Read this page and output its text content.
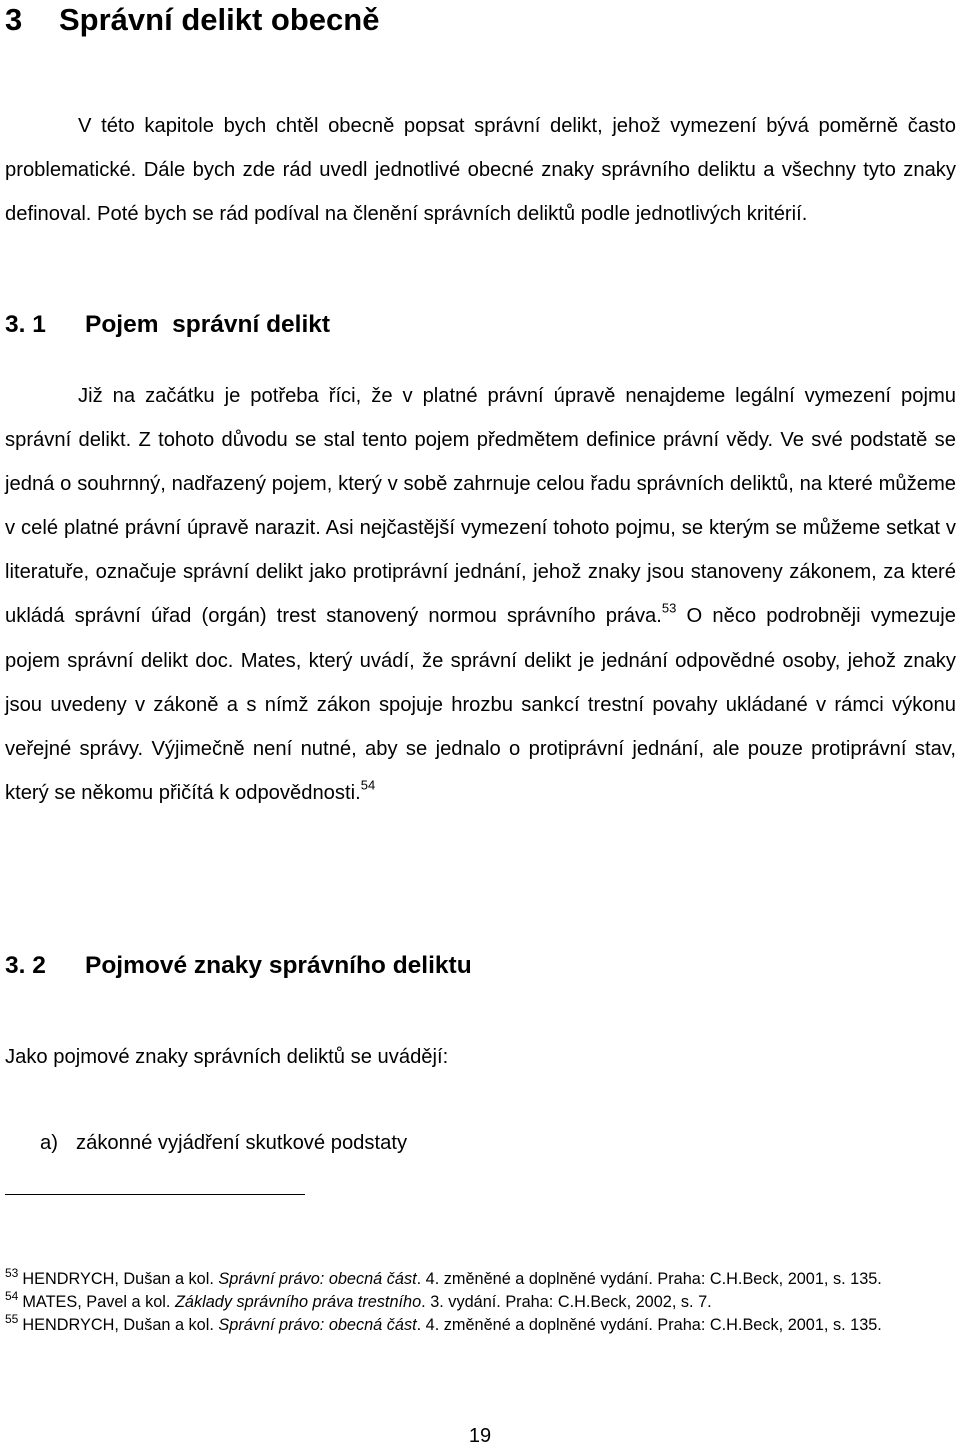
3 Správní delikt obecně

V této kapitole bych chtěl obecně popsat správní delikt, jehož vymezení bývá poměrně často problematické. Dále bych zde rád uvedl jednotlivé obecné znaky správního deliktu a všechny tyto znaky definoval. Poté bych se rád podíval na členění správních deliktů podle jednotlivých kritérií.

3. 1 Pojem  správní delikt

Již na začátku je potřeba říci, že v platné právní úpravě nenajdeme legální vymezení pojmu správní delikt. Z tohoto důvodu se stal tento pojem předmětem definice právní vědy. Ve své podstatě se jedná o souhrnný, nadřazený pojem, který v sobě zahrnuje celou řadu správních deliktů, na které můžeme v celé platné právní úpravě narazit. Asi nejčastější vymezení tohoto pojmu, se kterým se můžeme setkat v literatuře, označuje správní delikt jako protiprávní jednání, jehož znaky jsou stanoveny zákonem, za které ukládá správní úřad (orgán) trest stanovený normou správního práva.$^{53}$ O něco podrobněji vymezuje pojem správní delikt doc. Mates, který uvádí, že správní delikt je jednání odpovědné osoby, jehož znaky jsou uvedeny v zákoně a s nímž zákon spojuje hrozbu sankcí trestní povahy ukládané v rámci výkonu veřejné správy. Výjimečně není nutné, aby se jednalo o protiprávní jednání, ale pouze protiprávní stav, který se někomu přičítá k odpovědnosti.$^{54}$

3. 2 Pojmové znaky správního deliktu

Jako pojmové znaky správních deliktů se uvádějí:

a) zákonné vyjádření skutkové podstaty

$^{53}$ HENDRYCH, Dušan a kol. Správní právo: obecná část. 4. změněné a doplněné vydání. Praha: C.H.Beck, 2001, s. 135.

$^{54}$ MATES, Pavel a kol. Základy správního práva trestního. 3. vydání. Praha: C.H.Beck, 2002, s. 7.

$^{55}$ HENDRYCH, Dušan a kol. Správní právo: obecná část. 4. změněné a doplněné vydání. Praha: C.H.Beck, 2001, s. 135.

19
